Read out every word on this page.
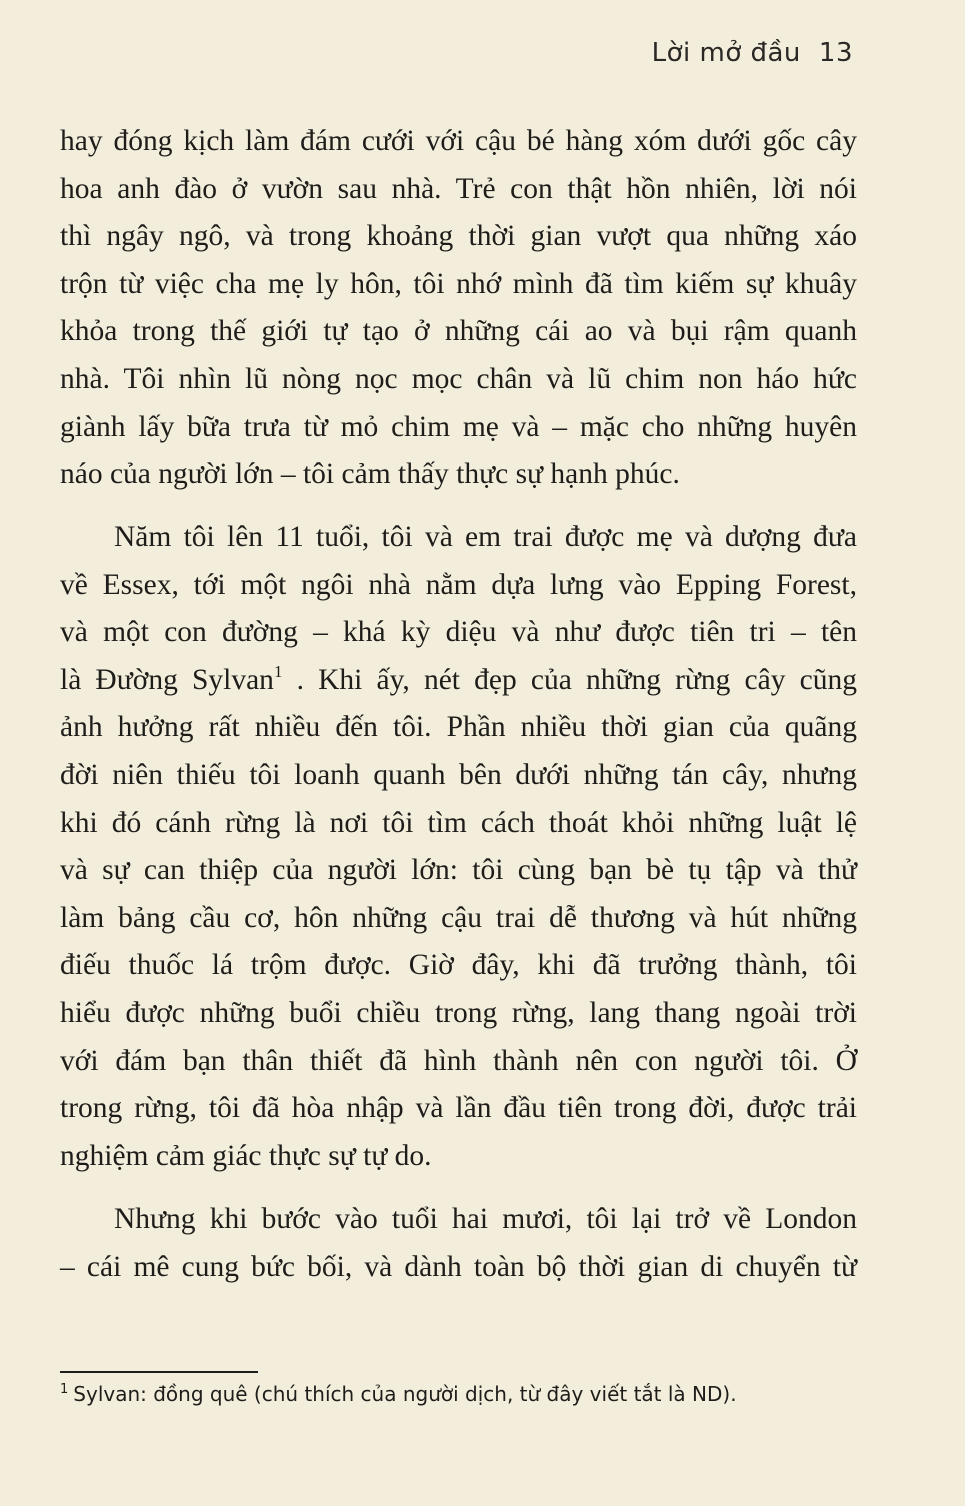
Lời mở đầu 13
hay đóng kịch làm đám cưới với cậu bé hàng xóm dưới gốc cây
hoa anh đào ở vườn sau nhà. Trẻ con thật hồn nhiên, lời nói
thì ngây ngô, và trong khoảng thời gian vượt qua những xáo
trộn từ việc cha mẹ ly hôn, tôi nhớ mình đã tìm kiếm sự khuây
khỏa trong thế giới tự tạo ở những cái ao và bụi rậm quanh
nhà. Tôi nhìn lũ nòng nọc mọc chân và lũ chim non háo hức
giành lấy bữa trưa từ mỏ chim mẹ và – mặc cho những huyên
náo của người lớn – tôi cảm thấy thực sự hạnh phúc.
Năm tôi lên 11 tuổi, tôi và em trai được mẹ và dượng đưa
về Essex, tới một ngôi nhà nằm dựa lưng vào Epping Forest,
và một con đường – khá kỳ diệu và như được tiên tri – tên
là Đường Sylvan$^1$ . Khi ấy, nét đẹp của những rừng cây cũng
ảnh hưởng rất nhiều đến tôi. Phần nhiều thời gian của quãng
đời niên thiếu tôi loanh quanh bên dưới những tán cây, nhưng
khi đó cánh rừng là nơi tôi tìm cách thoát khỏi những luật lệ
và sự can thiệp của người lớn: tôi cùng bạn bè tụ tập và thử
làm bảng cầu cơ, hôn những cậu trai dễ thương và hút những
điếu thuốc lá trộm được. Giờ đây, khi đã trưởng thành, tôi
hiểu được những buổi chiều trong rừng, lang thang ngoài trời
với đám bạn thân thiết đã hình thành nên con người tôi. Ở
trong rừng, tôi đã hòa nhập và lần đầu tiên trong đời, được trải
nghiệm cảm giác thực sự tự do.
Nhưng khi bước vào tuổi hai mươi, tôi lại trở về London
– cái mê cung bức bối, và dành toàn bộ thời gian di chuyển từ
$^1$ Sylvan: đồng quê (chú thích của người dịch, từ đây viết tắt là ND).
